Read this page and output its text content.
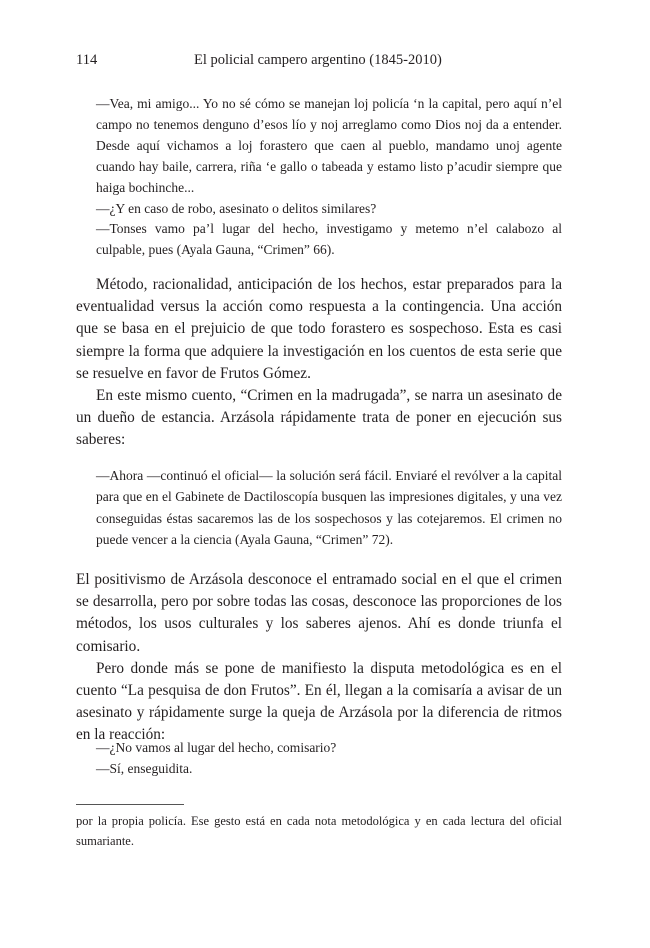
114	El policial campero argentino (1845-2010)

—Vea, mi amigo... Yo no sé cómo se manejan loj policía ‘n la capital, pero aquí n’el campo no tenemos denguno d’esos lío y noj arreglamo como Dios noj da a entender. Desde aquí vichamos a loj forastero que caen al pueblo, mandamo unoj agente cuando hay baile, carrera, riña ‘e gallo o tabeada y estamo listo p’acudir siempre que haiga bochinche...

—¿Y en caso de robo, asesinato o delitos similares?

—Tonses vamo pa’l lugar del hecho, investigamo y metemo n’el calabozo al culpable, pues (Ayala Gauna, “Crimen” 66).

Método, racionalidad, anticipación de los hechos, estar preparados para la eventualidad versus la acción como respuesta a la contingencia. Una acción que se basa en el prejuicio de que todo forastero es sospechoso. Esta es casi siempre la forma que adquiere la investigación en los cuentos de esta serie que se resuelve en favor de Frutos Gómez.

En este mismo cuento, “Crimen en la madrugada”, se narra un asesinato de un dueño de estancia. Arzásola rápidamente trata de poner en ejecución sus saberes:

—Ahora —continuó el oficial— la solución será fácil. Enviaré el revólver a la capital para que en el Gabinete de Dactiloscopía busquen las impresiones digitales, y una vez conseguidas éstas sacaremos las de los sospechosos y las cotejaremos. El crimen no puede vencer a la ciencia (Ayala Gauna, “Crimen” 72).

El positivismo de Arzásola desconoce el entramado social en el que el crimen se desarrolla, pero por sobre todas las cosas, desconoce las proporciones de los métodos, los usos culturales y los saberes ajenos. Ahí es donde triunfa el comisario.

Pero donde más se pone de manifiesto la disputa metodológica es en el cuento “La pesquisa de don Frutos”. En él, llegan a la comisaría a avisar de un asesinato y rápidamente surge la queja de Arzásola por la diferencia de ritmos en la reacción:

—¿No vamos al lugar del hecho, comisario?

—Sí, enseguidita.

por la propia policía. Ese gesto está en cada nota metodológica y en cada lectura del oficial sumariante.
